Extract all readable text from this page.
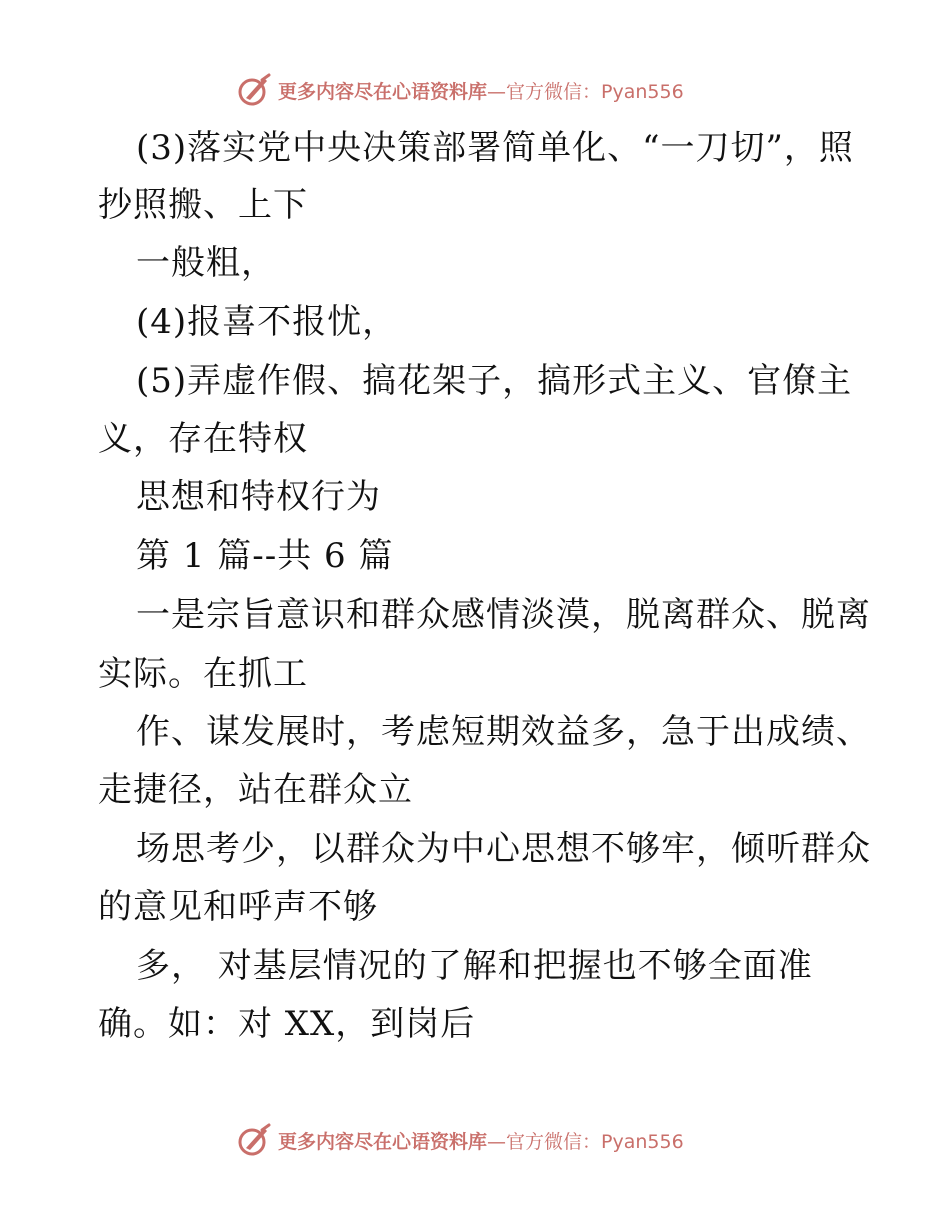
更多内容尽在心语资料库 —官方微信：Pyan556
(3)落实党中央决策部署简单化、“一刀切”，照
抄照搬、上下
一般粗，
(4)报喜不报忧，
(5)弄虚作假、搞花架子，搞形式主义、官僚主
义，存在特权
思想和特权行为
第 1 篇--共 6 篇
一是宗旨意识和群众感情淡漠，脱离群众、脱离
实际。在抓工
作、谋发展时，考虑短期效益多，急于出成绩、
走捷径，站在群众立
场思考少，以群众为中心思想不够牢，倾听群众
的意见和呼声不够
多， 对基层情况的了解和把握也不够全面准
确。如：对 XX，到岗后
更多内容尽在心语资料库 —官方微信：Pyan556
